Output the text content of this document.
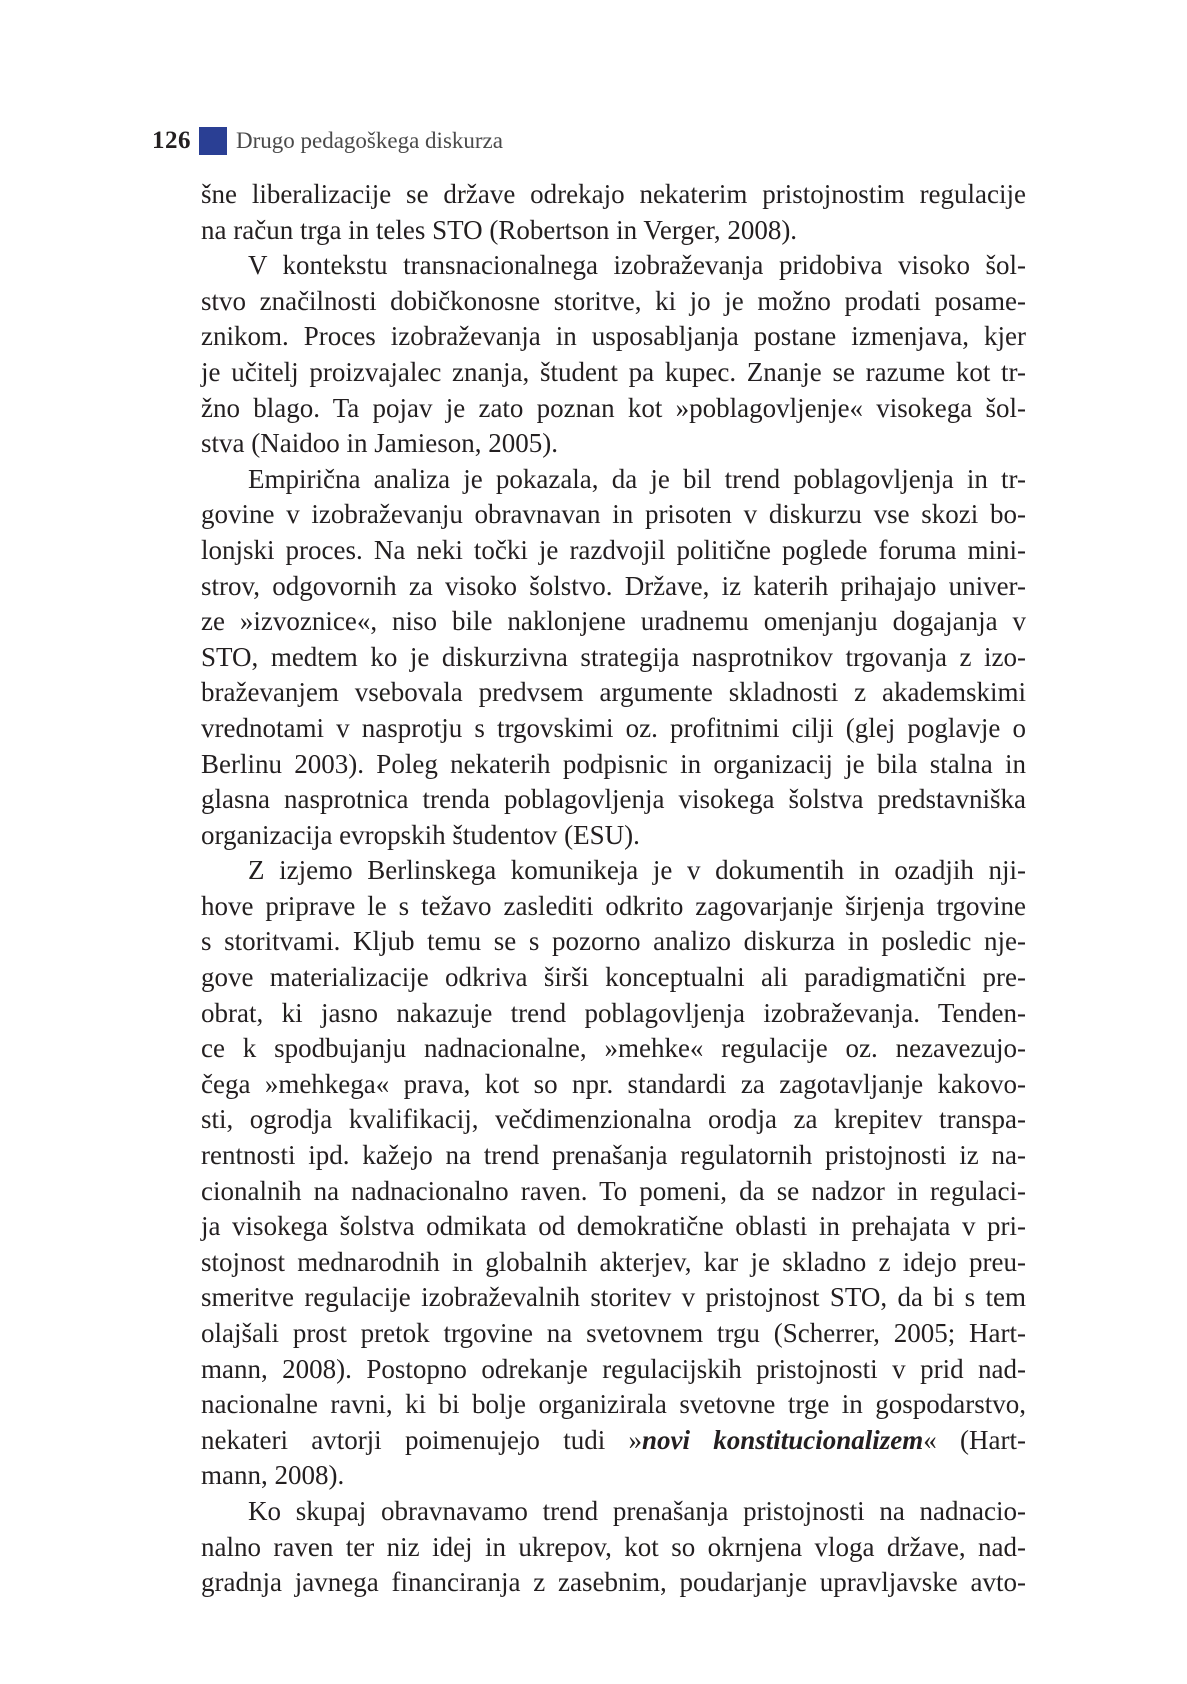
126 Drugo pedagoškega diskurza
šne liberalizacije se države odrekajo nekaterim pristojnostim regulacije
na račun trga in teles STO (Robertson in Verger, 2008).
V kontekstu transnacionalnega izobraževanja pridobiva visoko šol-
stvo značilnosti dobičkonosne storitve, ki jo je možno prodati posame-
znikom. Proces izobraževanja in usposabljanja postane izmenjava, kjer
je učitelj proizvajalec znanja, študent pa kupec. Znanje se razume kot tr-
žno blago. Ta pojav je zato poznan kot »poblagovljenje« visokega šol-
stva (Naidoo in Jamieson, 2005).
Empirična analiza je pokazala, da je bil trend poblagovljenja in tr-
govine v izobraževanju obravnavan in prisoten v diskurzu vse skozi bo-
lonjski proces. Na neki točki je razdvojil politične poglede foruma mini-
strov, odgovornih za visoko šolstvo. Države, iz katerih prihajajo univer-
ze »izvoznice«, niso bile naklonjene uradnemu omenjanju dogajanja v
STO, medtem ko je diskurzivna strategija nasprotnikov trgovanja z izo-
braževanjem vsebovala predvsem argumente skladnosti z akademskimi
vrednotami v nasprotju s trgovskimi oz. profitnimi cilji (glej poglavje o
Berlinu 2003). Poleg nekaterih podpisnic in organizacij je bila stalna in
glasna nasprotnica trenda poblagovljenja visokega šolstva predstavniška
organizacija evropskih študentov (ESU).
Z izjemo Berlinskega komunikeja je v dokumentih in ozadjih nji-
hove priprave le s težavo zaslediti odkrito zagovarjanje širjenja trgovine
s storitvami. Kljub temu se s pozorno analizo diskurza in posledic nje-
gove materializacije odkriva širši konceptualni ali paradigmatični pre-
obrat, ki jasno nakazuje trend poblagovljenja izobraževanja. Tenden-
ce k spodbujanju nadnacionalne, »mehke« regulacije oz. nezavezujo-
čega »mehkega« prava, kot so npr. standardi za zagotavljanje kakovo-
sti, ogrodja kvalifikacij, večdimenzionalna orodja za krepitev transpa-
rentnosti ipd. kažejo na trend prenašanja regulatornih pristojnosti iz na-
cionalnih na nadnacionalno raven. To pomeni, da se nadzor in regulaci-
ja visokega šolstva odmikata od demokratične oblasti in prehajata v pri-
stojnost mednarodnih in globalnih akterjev, kar je skladno z idejo preu-
smeritve regulacije izobraževalnih storitev v pristojnost STO, da bi s tem
olajšali prost pretok trgovine na svetovnem trgu (Scherrer, 2005; Hart-
mann, 2008). Postopno odrekanje regulacijskih pristojnosti v prid nad-
nacionalne ravni, ki bi bolje organizirala svetovne trge in gospodarstvo,
nekateri avtorji poimenujejo tudi »novi konstitucionalizem« (Hart-
mann, 2008).
Ko skupaj obravnavamo trend prenašanja pristojnosti na nadnacio-
nalno raven ter niz idej in ukrepov, kot so okrnjena vloga države, nad-
gradnja javnega financiranja z zasebnim, poudarjanje upravljavske avto-
